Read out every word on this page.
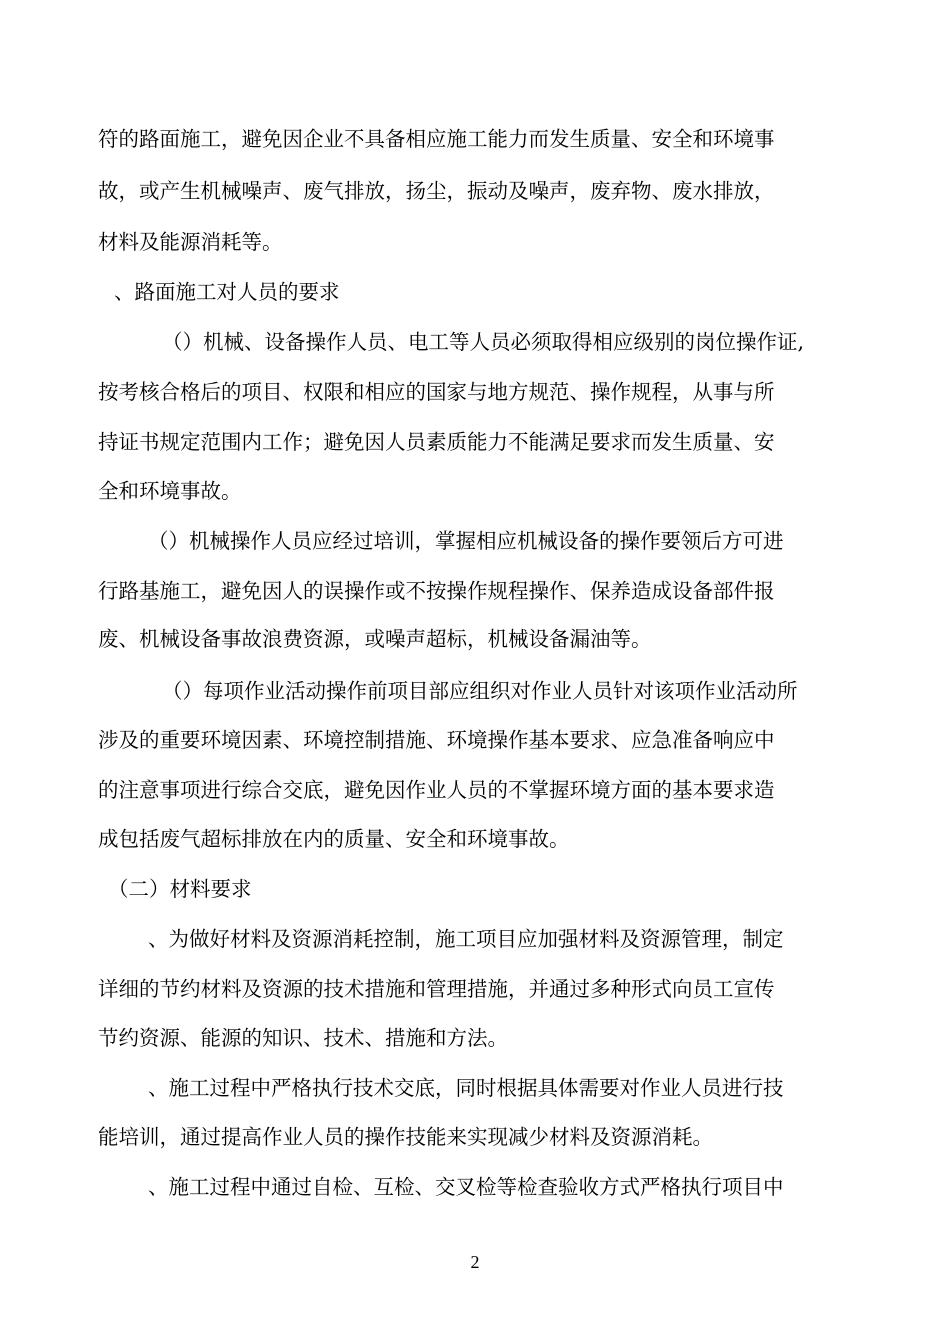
符的路面施工，避免因企业不具备相应施工能力而发生质量、安全和环境事
故，或产生机械噪声、废气排放，扬尘，振动及噪声，废弃物、废水排放，
材料及能源消耗等。
、路面施工对人员的要求
（）机械、设备操作人员、电工等人员必须取得相应级别的岗位操作证,
按考核合格后的项目、权限和相应的国家与地方规范、操作规程，从事与所
持证书规定范围内工作；避免因人员素质能力不能满足要求而发生质量、安
全和环境事故。
（）机械操作人员应经过培训，掌握相应机械设备的操作要领后方可进
行路基施工，避免因人的误操作或不按操作规程操作、保养造成设备部件报
废、机械设备事故浪费资源，或噪声超标，机械设备漏油等。
（）每项作业活动操作前项目部应组织对作业人员针对该项作业活动所
涉及的重要环境因素、环境控制措施、环境操作基本要求、应急准备响应中
的注意事项进行综合交底，避免因作业人员的不掌握环境方面的基本要求造
成包括废气超标排放在内的质量、安全和环境事故。
（二）材料要求
、为做好材料及资源消耗控制，施工项目应加强材料及资源管理，制定
详细的节约材料及资源的技术措施和管理措施，并通过多种形式向员工宣传
节约资源、能源的知识、技术、措施和方法。
、施工过程中严格执行技术交底，同时根据具体需要对作业人员进行技
能培训，通过提高作业人员的操作技能来实现减少材料及资源消耗。
、施工过程中通过自检、互检、交叉检等检查验收方式严格执行项目中
2
